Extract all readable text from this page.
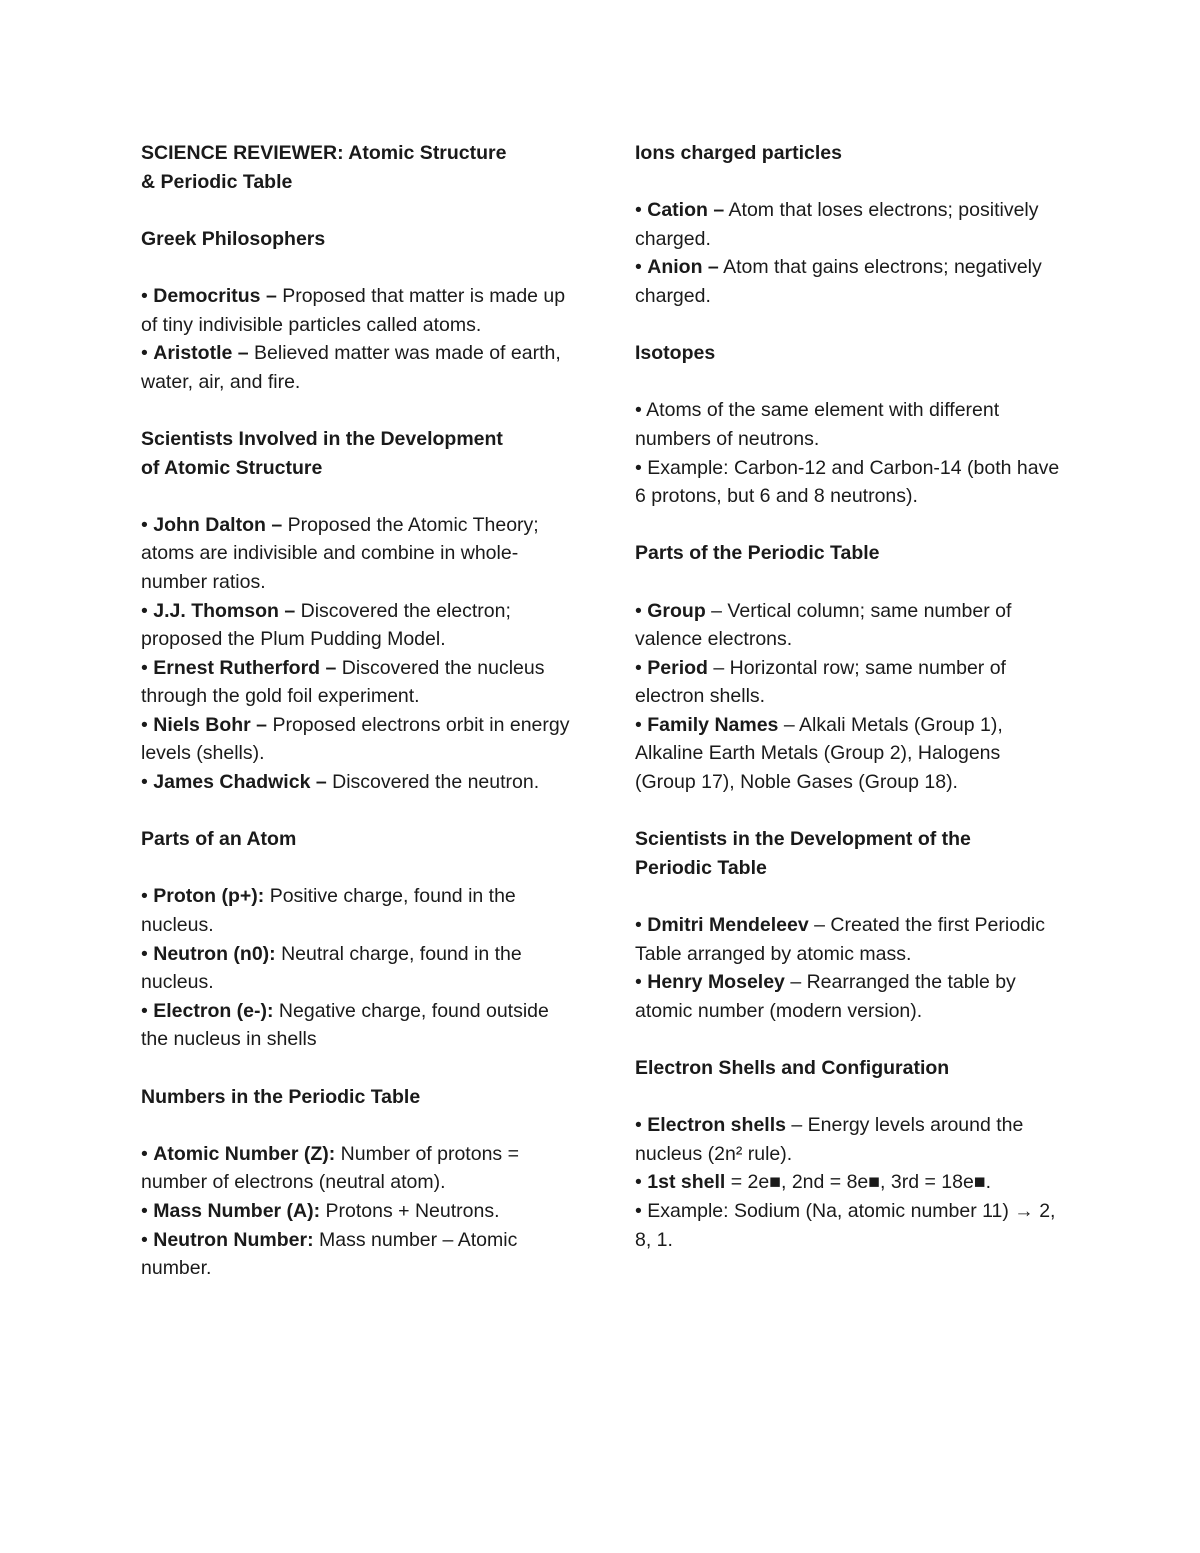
SCIENCE REVIEWER: Atomic Structure
& Periodic Table

Greek Philosophers

• Democritus – Proposed that matter is made up of tiny indivisible particles called atoms.

• Aristotle – Believed matter was made of earth, water, air, and fire.

Scientists Involved in the Development
of Atomic Structure

• John Dalton – Proposed the Atomic Theory; atoms are indivisible and combine in whole-number ratios.

• J.J. Thomson – Discovered the electron; proposed the Plum Pudding Model.

• Ernest Rutherford – Discovered the nucleus through the gold foil experiment.

• Niels Bohr – Proposed electrons orbit in energy levels (shells).

• James Chadwick – Discovered the neutron.

Parts of an Atom

• Proton (p+): Positive charge, found in the nucleus.

• Neutron (n0): Neutral charge, found in the nucleus.

• Electron (e-): Negative charge, found outside the nucleus in shells

Numbers in the Periodic Table

• Atomic Number (Z): Number of protons = number of electrons (neutral atom).

• Mass Number (A): Protons + Neutrons.

• Neutron Number: Mass number – Atomic number.

Ions charged particles

• Cation – Atom that loses electrons; positively charged.

• Anion – Atom that gains electrons; negatively charged.

Isotopes

• Atoms of the same element with different numbers of neutrons.

• Example: Carbon-12 and Carbon-14 (both have 6 protons, but 6 and 8 neutrons).

Parts of the Periodic Table

• Group – Vertical column; same number of valence electrons.

• Period – Horizontal row; same number of electron shells.

• Family Names – Alkali Metals (Group 1), Alkaline Earth Metals (Group 2), Halogens (Group 17), Noble Gases (Group 18).

Scientists in the Development of the
Periodic Table

• Dmitri Mendeleev – Created the first Periodic Table arranged by atomic mass.

• Henry Moseley – Rearranged the table by atomic number (modern version).

Electron Shells and Configuration

• Electron shells – Energy levels around the nucleus (2n² rule).

• 1st shell = 2e■, 2nd = 8e■, 3rd = 18e■.

• Example: Sodium (Na, atomic number 11) → 2, 8, 1.
